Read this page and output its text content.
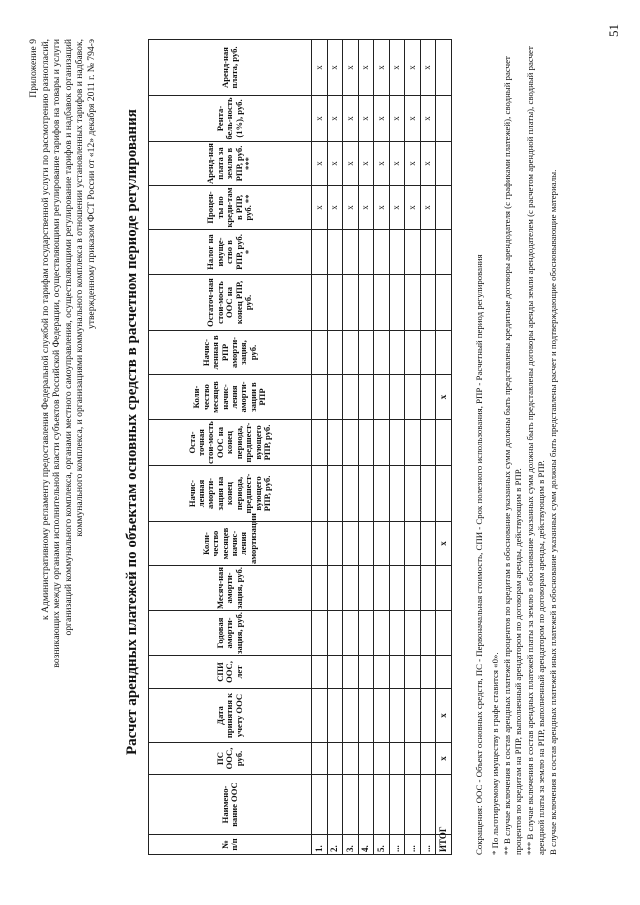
Приложение 9 к Административному регламенту предоставления Федеральной службой по тарифам государственной услуги по рассмотрению разногласий, возникающих между органами исполнительной власти субъектов Российской Федерации, осуществляющими регулирование тарифов на товары и услуги организаций коммунального комплекса, органами местного самоуправления, осуществляющими регулирование тарифов и надбавок организаций коммунального комплекса, и организациями коммунального комплекса в отношении установленных тарифов и надбавок, утвержденному приказом ФСТ России от «12» декабря 2011 г. № 794-э Расчет арендных платежей по объектам основных средств в расчетном периоде регулирования
№ п/п	Наимено-вание ООС	ПС ООС, руб.	Дата принятия к учету ООС	СПИ ООС, лет	Годовая аморти-зация, руб.	Месяч-ная аморти-зация, руб.	Коли-чество месяцев начис-ления амортизации	Начис-ленная аморти-зация на конец периода, предшест-вующего РПР, руб.	Оста-точная стои-мость ООС на конец периода, предшест-вующего РПР, руб.	Коли-чество месяцев начис-ления аморти-зации в РПР	Начис-ленная в РПР аморти-зация, руб.	Остаточ-ная стои-мость ООС на конец РПР, руб.	Налог на имуще-ство в РПР, руб. *	Процен-ты по креди-там в РПР, руб. **	Аренд-ная плата за землю в РПР, руб. ***	Рента-бель-ность (1%), руб.	Аренд-ная плата, руб.
1.														x	x	x	x
2.														x	x	x	x
3.														x	x	x	x
4.														x	x	x	x
5.														x	x	x	x
...														x	x	x	x
...														x	x	x	x
...														x	x	x	x
ИТОГ		x	x				x			x								Сокращения: ООС - Объект основных средств, ПС - Первоначальная стоимость, СПИ - Срок полезного использования, РПР - Расчетный период регулирования * По льготируемому имуществу в графе ставится «0». ** В случае включения в состав арендных платежей процентов по кредитам в обоснование указанных сумм должны быть представлены кредитные договоры арендодателя (с графиками платежей), сводный расчет процентов по кредитам на РПР, выполненный арендатором по договорам аренды, действующим в РПР. *** В случае включения в состав арендных платежей платы за землю в обоснование указанных сумм должны быть представлены договоры аренды земли арендодателем (с расчетом арендной платы), сводный расчет арендной платы за землю на РПР, выполненный арендатором по договорам аренды, действующим в РПР. В случае включения в состав арендных платежей иных платежей в обоснование указанных сумм должны быть представлены расчет и подтверждающие обосновывающие материалы.

51
